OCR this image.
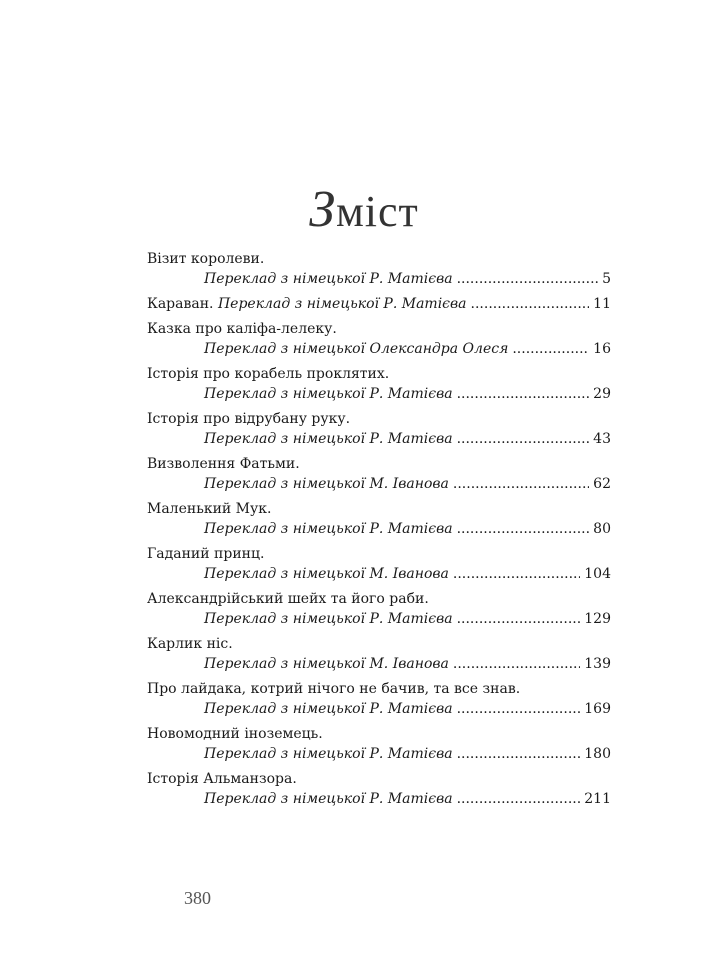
Зміст
Візит королеви.
Переклад з німецької Р. Матієва .....	5
Караван.
Переклад з німецької Р. Матієва .....	11
Казка про каліфа-лелеку.
Переклад з німецької Олександра Олеся .....	16
Історія про корабель проклятих.
Переклад з німецької Р. Матієва .....	29
Історія про відрубану руку.
Переклад з німецької Р. Матієва .....	43
Визволення Фатьми.
Переклад з німецької М. Іванова .....	62
Маленький Мук.
Переклад з німецької Р. Матієва .....	80
Гаданий принц.
Переклад з німецької М. Іванова .....	104
Александрійський шейх та його раби.
Переклад з німецької Р. Матієва .....	129
Карлик ніс.
Переклад з німецької М. Іванова .....	139
Про лайдака, котрий нічого не бачив, та все знав.
Переклад з німецької Р. Матієва .....	169
Новомодний іноземець.
Переклад з німецької Р. Матієва .....	180
Історія Альманзора.
Переклад з німецької Р. Матієва .....	211
380
